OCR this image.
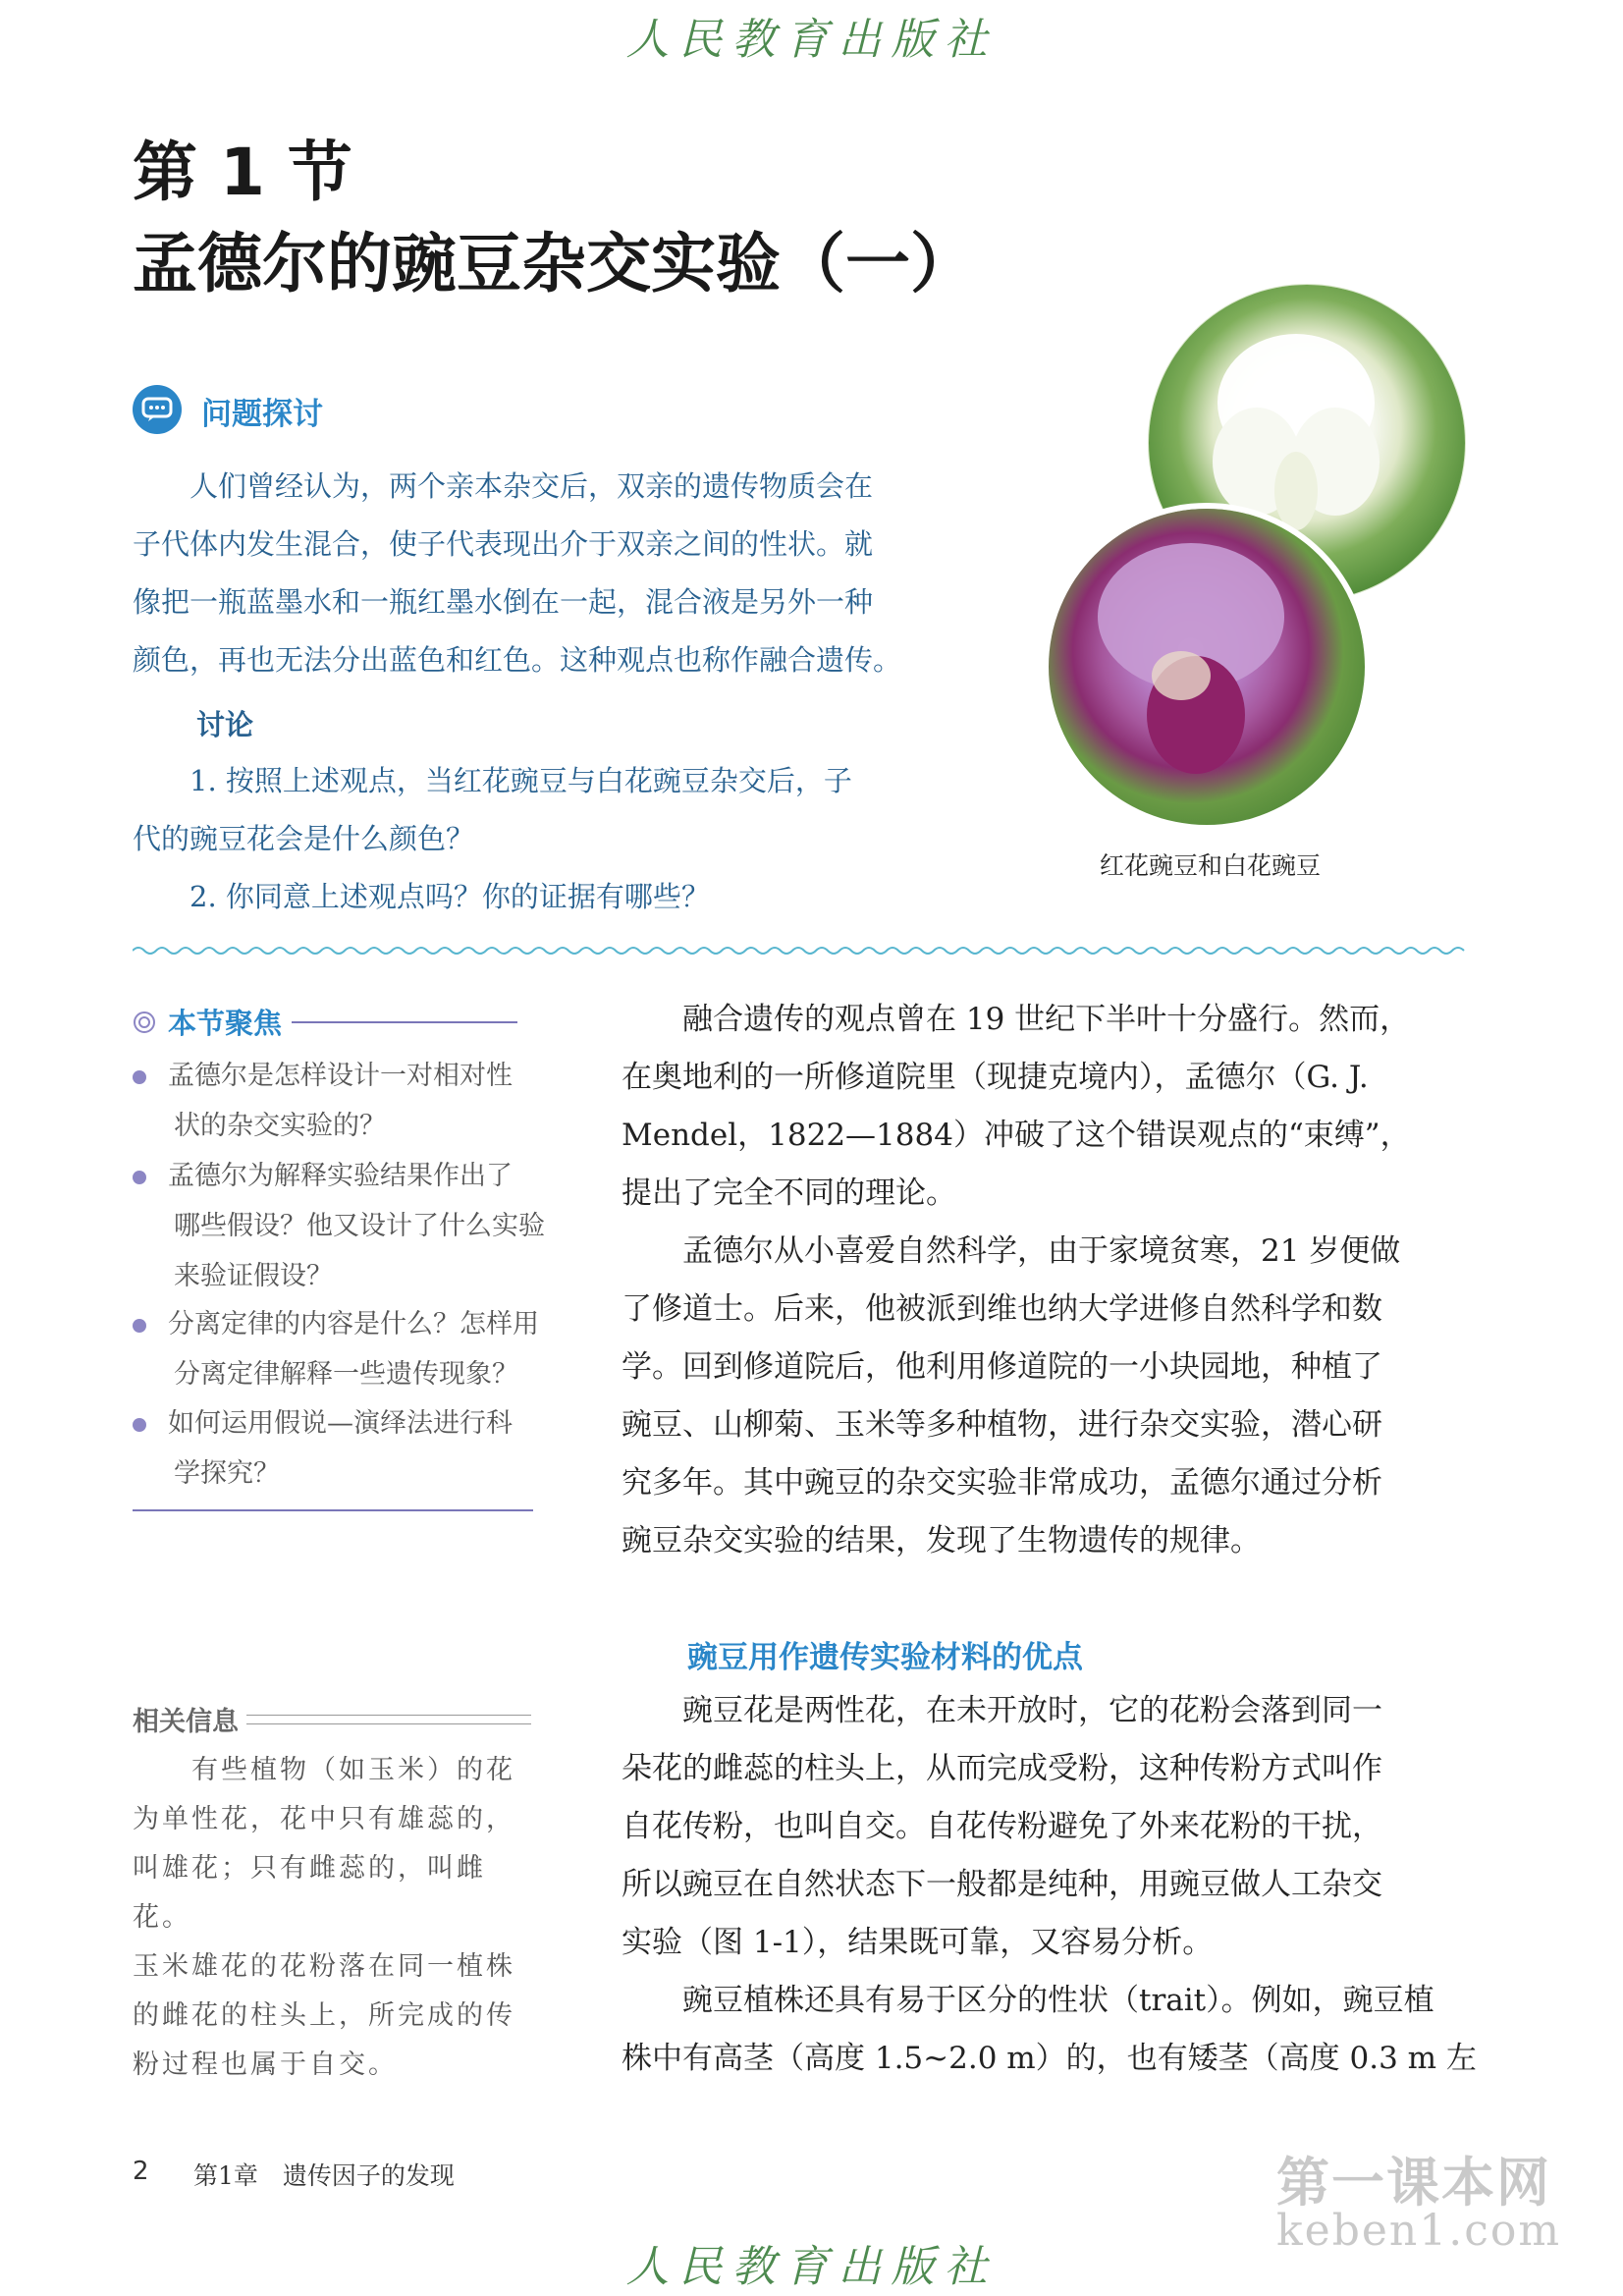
人民教育出版社
第 1 节
孟德尔的豌豆杂交实验（一）
问题探讨
　　人们曾经认为，两个亲本杂交后，双亲的遗传物质会在
子代体内发生混合，使子代表现出介于双亲之间的性状。就
像把一瓶蓝墨水和一瓶红墨水倒在一起，混合液是另外一种
颜色，再也无法分出蓝色和红色。这种观点也称作融合遗传。
讨论
　　1. 按照上述观点，当红花豌豆与白花豌豆杂交后，子
代的豌豆花会是什么颜色？
　　2. 你同意上述观点吗？你的证据有哪些？
红花豌豆和白花豌豆
本节聚焦
孟德尔是怎样设计一对相对性
状的杂交实验的？
孟德尔为解释实验结果作出了
哪些假设？他又设计了什么实验
来验证假设？
分离定律的内容是什么？怎样用
分离定律解释一些遗传现象？
如何运用假说—演绎法进行科
学探究？
相关信息
　　有些植物（如玉米）的花
为单性花，花中只有雄蕊的，
叫雄花；只有雌蕊的，叫雌花。
玉米雄花的花粉落在同一植株
的雌花的柱头上，所完成的传
粉过程也属于自交。
　　融合遗传的观点曾在 19 世纪下半叶十分盛行。然而，
在奥地利的一所修道院里（现捷克境内），孟德尔（G. J.
Mendel，1822—1884）冲破了这个错误观点的“束缚”，
提出了完全不同的理论。
　　孟德尔从小喜爱自然科学，由于家境贫寒，21 岁便做
了修道士。后来，他被派到维也纳大学进修自然科学和数
学。回到修道院后，他利用修道院的一小块园地，种植了
豌豆、山柳菊、玉米等多种植物，进行杂交实验，潜心研
究多年。其中豌豆的杂交实验非常成功，孟德尔通过分析
豌豆杂交实验的结果，发现了生物遗传的规律。
豌豆用作遗传实验材料的优点
　　豌豆花是两性花，在未开放时，它的花粉会落到同一
朵花的雌蕊的柱头上，从而完成受粉，这种传粉方式叫作
自花传粉，也叫自交。自花传粉避免了外来花粉的干扰，
所以豌豆在自然状态下一般都是纯种，用豌豆做人工杂交
实验（图 1-1），结果既可靠，又容易分析。
　　豌豆植株还具有易于区分的性状（trait）。例如，豌豆植
株中有高茎（高度 1.5~2.0 m）的，也有矮茎（高度 0.3 m 左
2 第1章　遗传因子的发现	第一课本网
keben1.com
人民教育出版社
